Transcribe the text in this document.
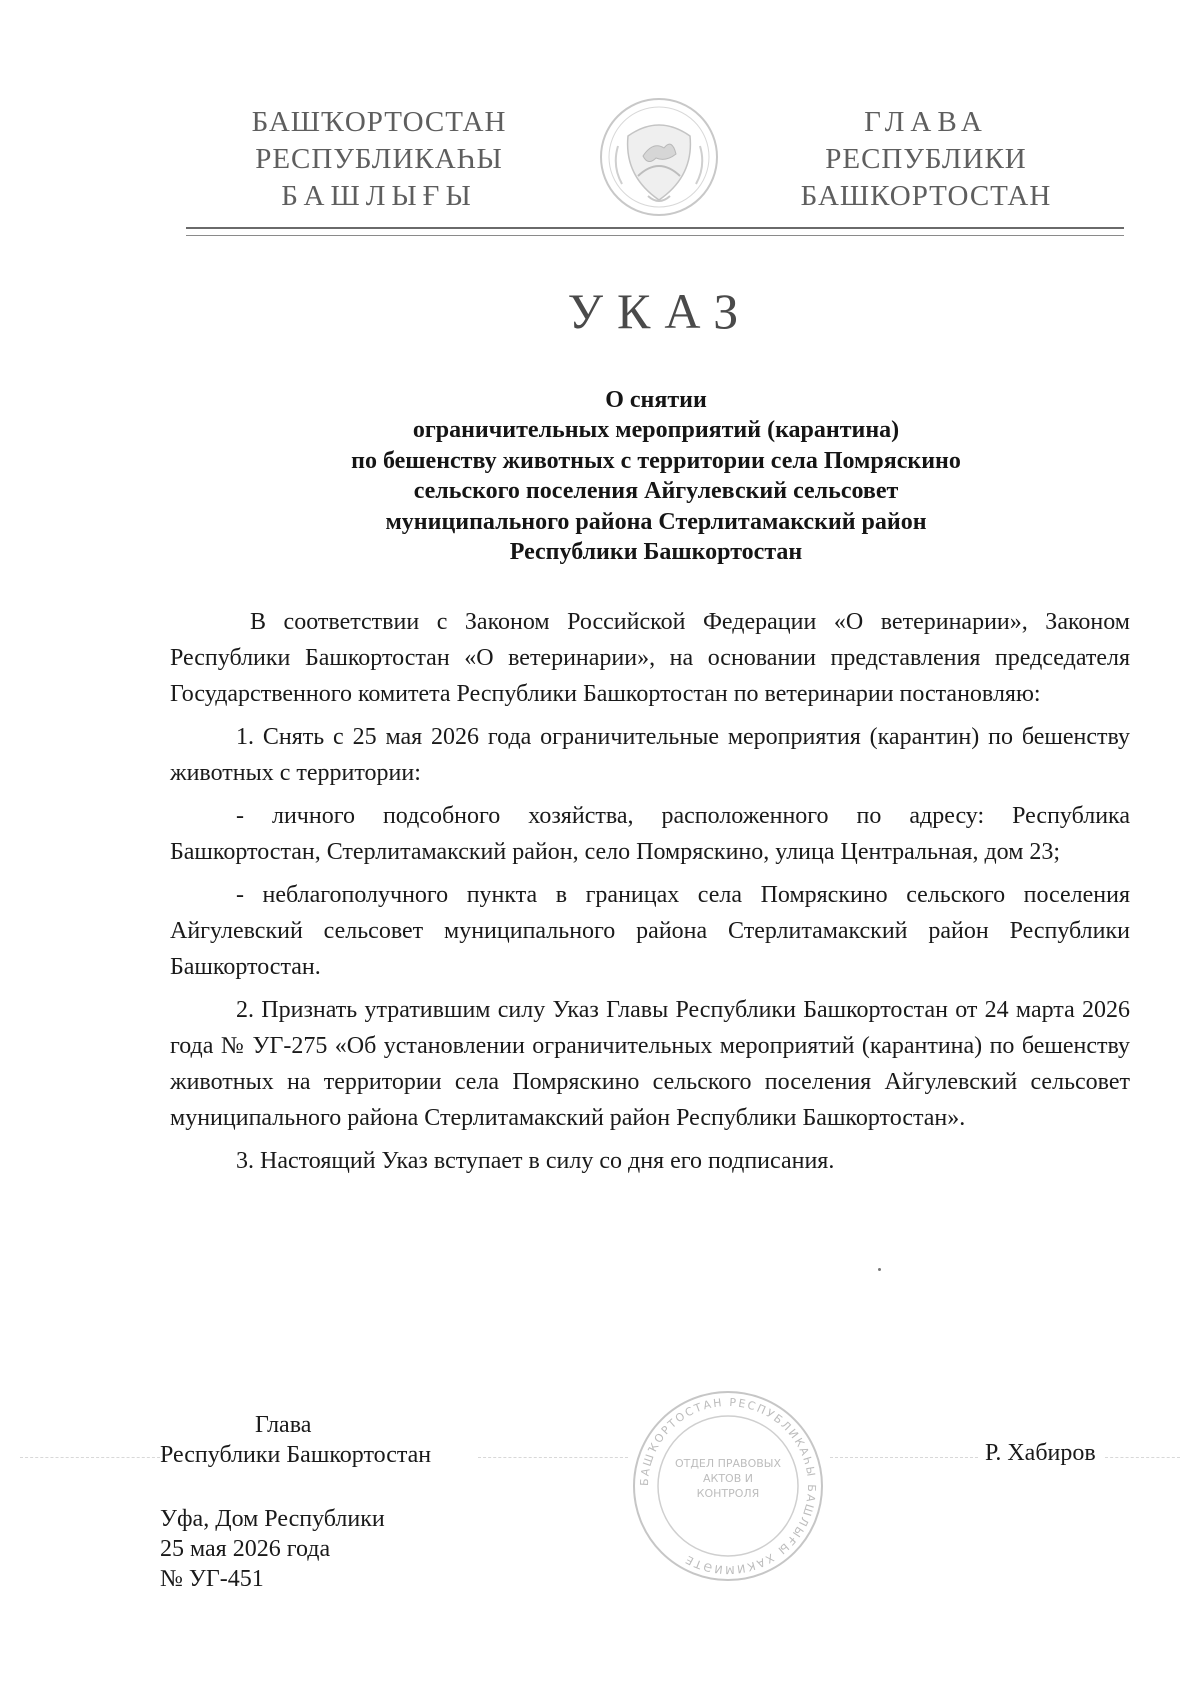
БАШҠОРТОСТАН
РЕСПУБЛИКАҺЫ
БАШЛЫҒЫ
ГЛАВА
РЕСПУБЛИКИ
БАШКОРТОСТАН
УКАЗ
О снятии
ограничительных мероприятий (карантина)
по бешенству животных с территории села Помряскино
сельского поселения Айгулевский сельсовет
муниципального района Стерлитамакский район
Республики Башкортостан

В соответствии с Законом Российской Федерации «О ветеринарии», Законом Республики Башкортостан «О ветеринарии», на основании представления председателя Государственного комитета Республики Башкортостан по ветеринарии постановляю:

1. Снять с 25 мая 2026 года ограничительные мероприятия (карантин) по бешенству животных с территории:

- личного подсобного хозяйства, расположенного по адресу: Республика Башкортостан, Стерлитамакский район, село Помряскино, улица Центральная, дом 23;

- неблагополучного пункта в границах села Помряскино сельского поселения Айгулевский сельсовет муниципального района Стерлитамакский район Республики Башкортостан.

2. Признать утратившим силу Указ Главы Республики Башкортостан от 24 марта 2026 года № УГ-275 «Об установлении ограничительных мероприятий (карантина) по бешенству животных на территории села Помряскино сельского поселения Айгулевский сельсовет муниципального района Стерлитамакский район Республики Башкортостан».

3. Настоящий Указ вступает в силу со дня его подписания.

Глава
Республики Башкортостан
Уфа, Дом Республики
25 мая 2026 года
№ УГ-451
БАШҠОРТОСТАН РЕСПУБЛИКАҺЫ БАШЛЫҒЫ ХАКИМИӘТЕ
ОТДЕЛ ПРАВОВЫХ АКТОВ И КОНТРОЛЯ
Р. Хабиров
